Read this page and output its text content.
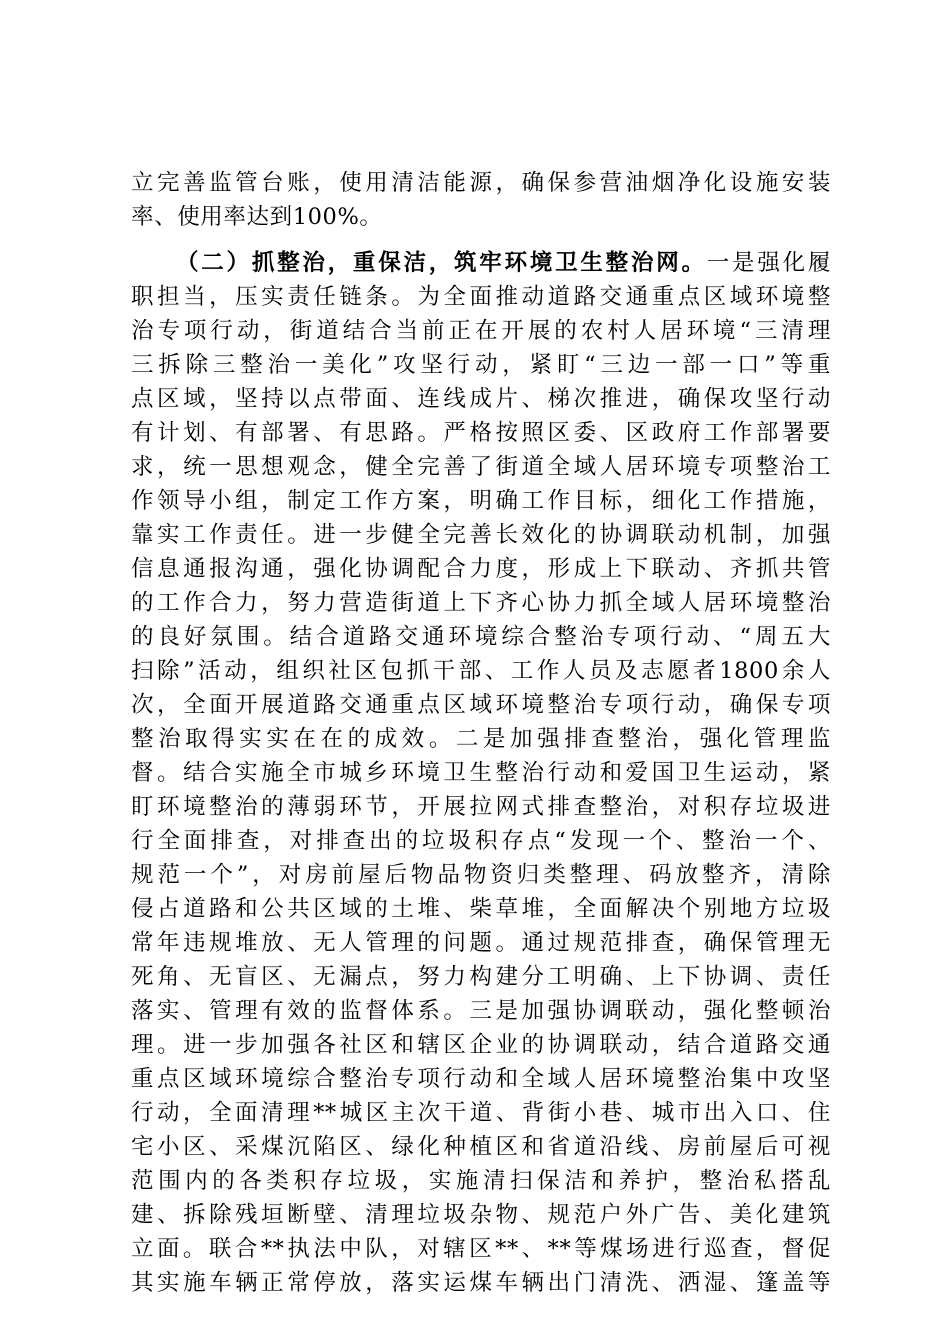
立完善监管台账，使用清洁能源，确保参营油烟净化设施安装
率、使用率达到100%。
（二）抓整治，重保洁，筑牢环境卫生整治网。一是强化履
职担当，压实责任链条。为全面推动道路交通重点区域环境整
治专项行动，街道结合当前正在开展的农村人居环境“三清理
三拆除三整治一美化”攻坚行动，紧盯“三边一部一口”等重
点区域，坚持以点带面、连线成片、梯次推进，确保攻坚行动
有计划、有部署、有思路。严格按照区委、区政府工作部署要
求，统一思想观念，健全完善了街道全域人居环境专项整治工
作领导小组，制定工作方案，明确工作目标，细化工作措施，
靠实工作责任。进一步健全完善长效化的协调联动机制，加强
信息通报沟通，强化协调配合力度，形成上下联动、齐抓共管
的工作合力，努力营造街道上下齐心协力抓全域人居环境整治
的良好氛围。结合道路交通环境综合整治专项行动、“周五大
扫除”活动，组织社区包抓干部、工作人员及志愿者1800余人
次，全面开展道路交通重点区域环境整治专项行动，确保专项
整治取得实实在在的成效。二是加强排查整治，强化管理监
督。结合实施全市城乡环境卫生整治行动和爱国卫生运动，紧
盯环境整治的薄弱环节，开展拉网式排查整治，对积存垃圾进
行全面排查，对排查出的垃圾积存点“发现一个、整治一个、
规范一个”，对房前屋后物品物资归类整理、码放整齐，清除
侵占道路和公共区域的土堆、柴草堆，全面解决个别地方垃圾
常年违规堆放、无人管理的问题。通过规范排查，确保管理无
死角、无盲区、无漏点，努力构建分工明确、上下协调、责任
落实、管理有效的监督体系。三是加强协调联动，强化整顿治
理。进一步加强各社区和辖区企业的协调联动，结合道路交通
重点区域环境综合整治专项行动和全域人居环境整治集中攻坚
行动，全面清理**城区主次干道、背街小巷、城市出入口、住
宅小区、采煤沉陷区、绿化种植区和省道沿线、房前屋后可视
范围内的各类积存垃圾，实施清扫保洁和养护，整治私搭乱
建、拆除残垣断壁、清理垃圾杂物、规范户外广告、美化建筑
立面。联合**执法中队，对辖区**、**等煤场进行巡查，督促
其实施车辆正常停放，落实运煤车辆出门清洗、洒湿、篷盖等
